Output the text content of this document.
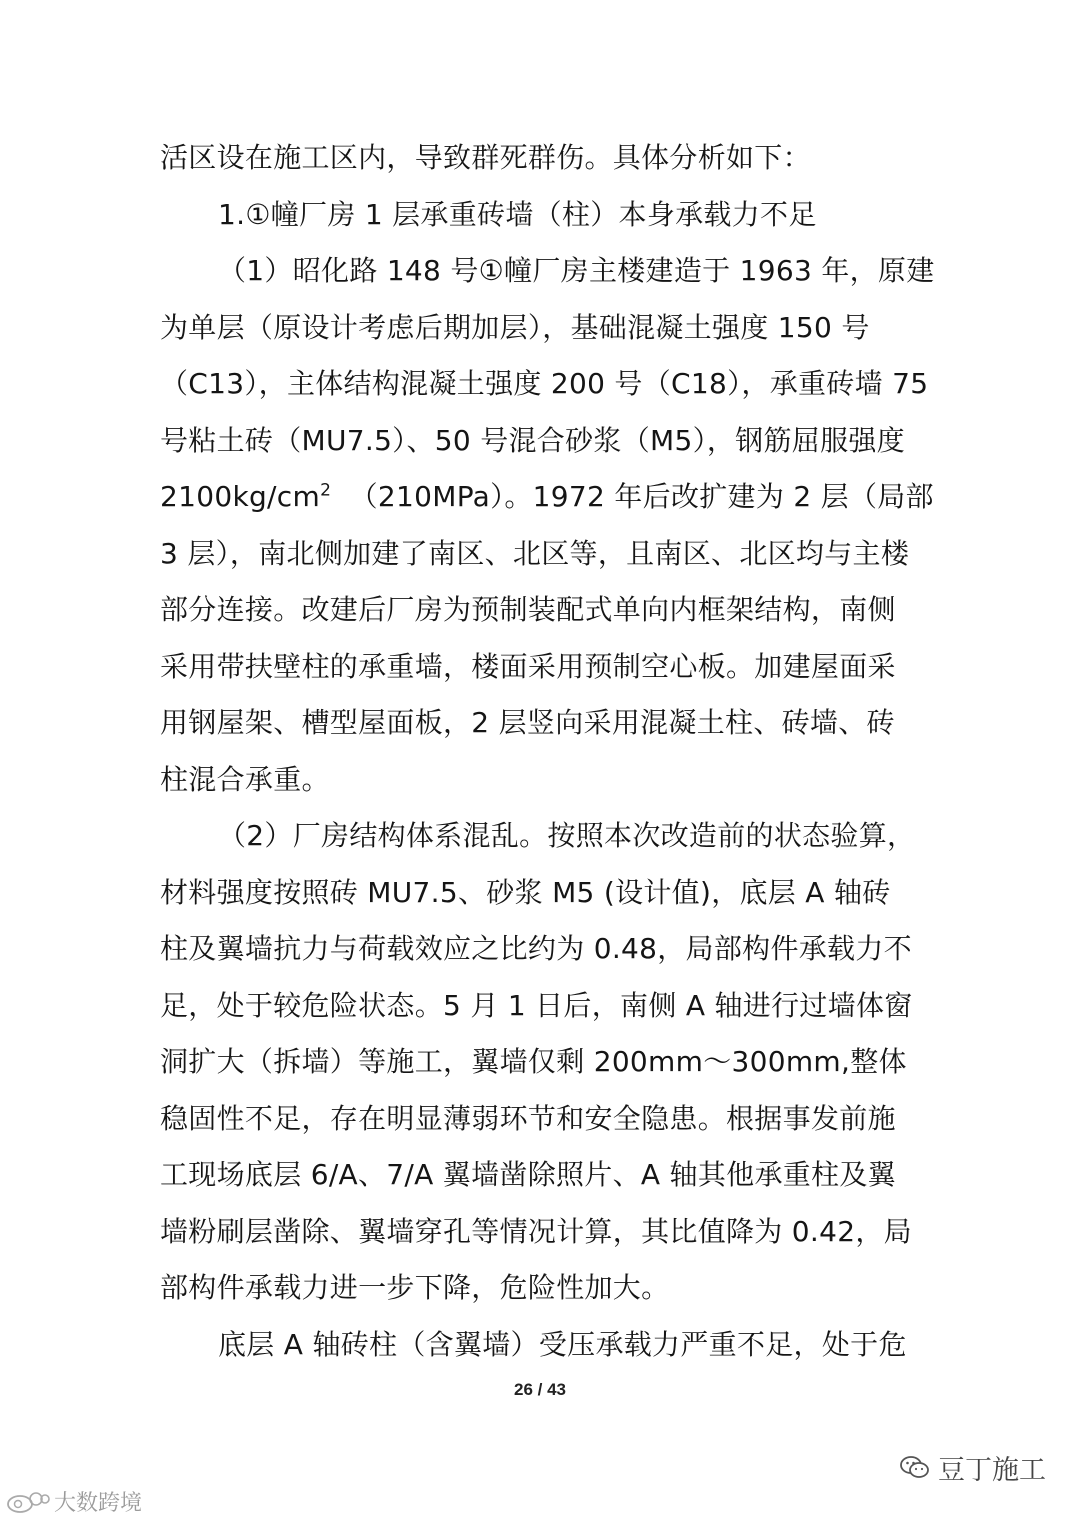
活区设在施工区内，导致群死群伤。具体分析如下：
1.①幢厂房 1 层承重砖墙（柱）本身承载力不足
（1）昭化路 148 号①幢厂房主楼建造于 1963 年，原建
为单层（原设计考虑后期加层），基础混凝土强度 150 号
（C13），主体结构混凝土强度 200 号（C18），承重砖墙 75
号粘土砖（MU7.5）、50 号混合砂浆（M5），钢筋屈服强度
$2100kg/cm^2$ （210MPa）。1972 年后改扩建为 2 层（局部
3 层），南北侧加建了南区、北区等，且南区、北区均与主楼
部分连接。改建后厂房为预制装配式单向内框架结构，南侧
采用带扶壁柱的承重墙，楼面采用预制空心板。加建屋面采
用钢屋架、槽型屋面板，2 层竖向采用混凝土柱、砖墙、砖
柱混合承重。
（2）厂房结构体系混乱。按照本次改造前的状态验算，
材料强度按照砖 MU7.5、砂浆 M5 (设计值)，底层 A 轴砖
柱及翼墙抗力与荷载效应之比约为 0.48，局部构件承载力不
足，处于较危险状态。5 月 1 日后，南侧 A 轴进行过墙体窗
洞扩大（拆墙）等施工，翼墙仅剩 200mm～300mm,整体
稳固性不足，存在明显薄弱环节和安全隐患。根据事发前施
工现场底层 6/A、7/A 翼墙凿除照片、A 轴其他承重柱及翼
墙粉刷层凿除、翼墙穿孔等情况计算，其比值降为 0.42，局
部构件承载力进一步下降，危险性加大。
底层 A 轴砖柱（含翼墙）受压承载力严重不足，处于危
26 / 43
豆丁施工
大数跨境
